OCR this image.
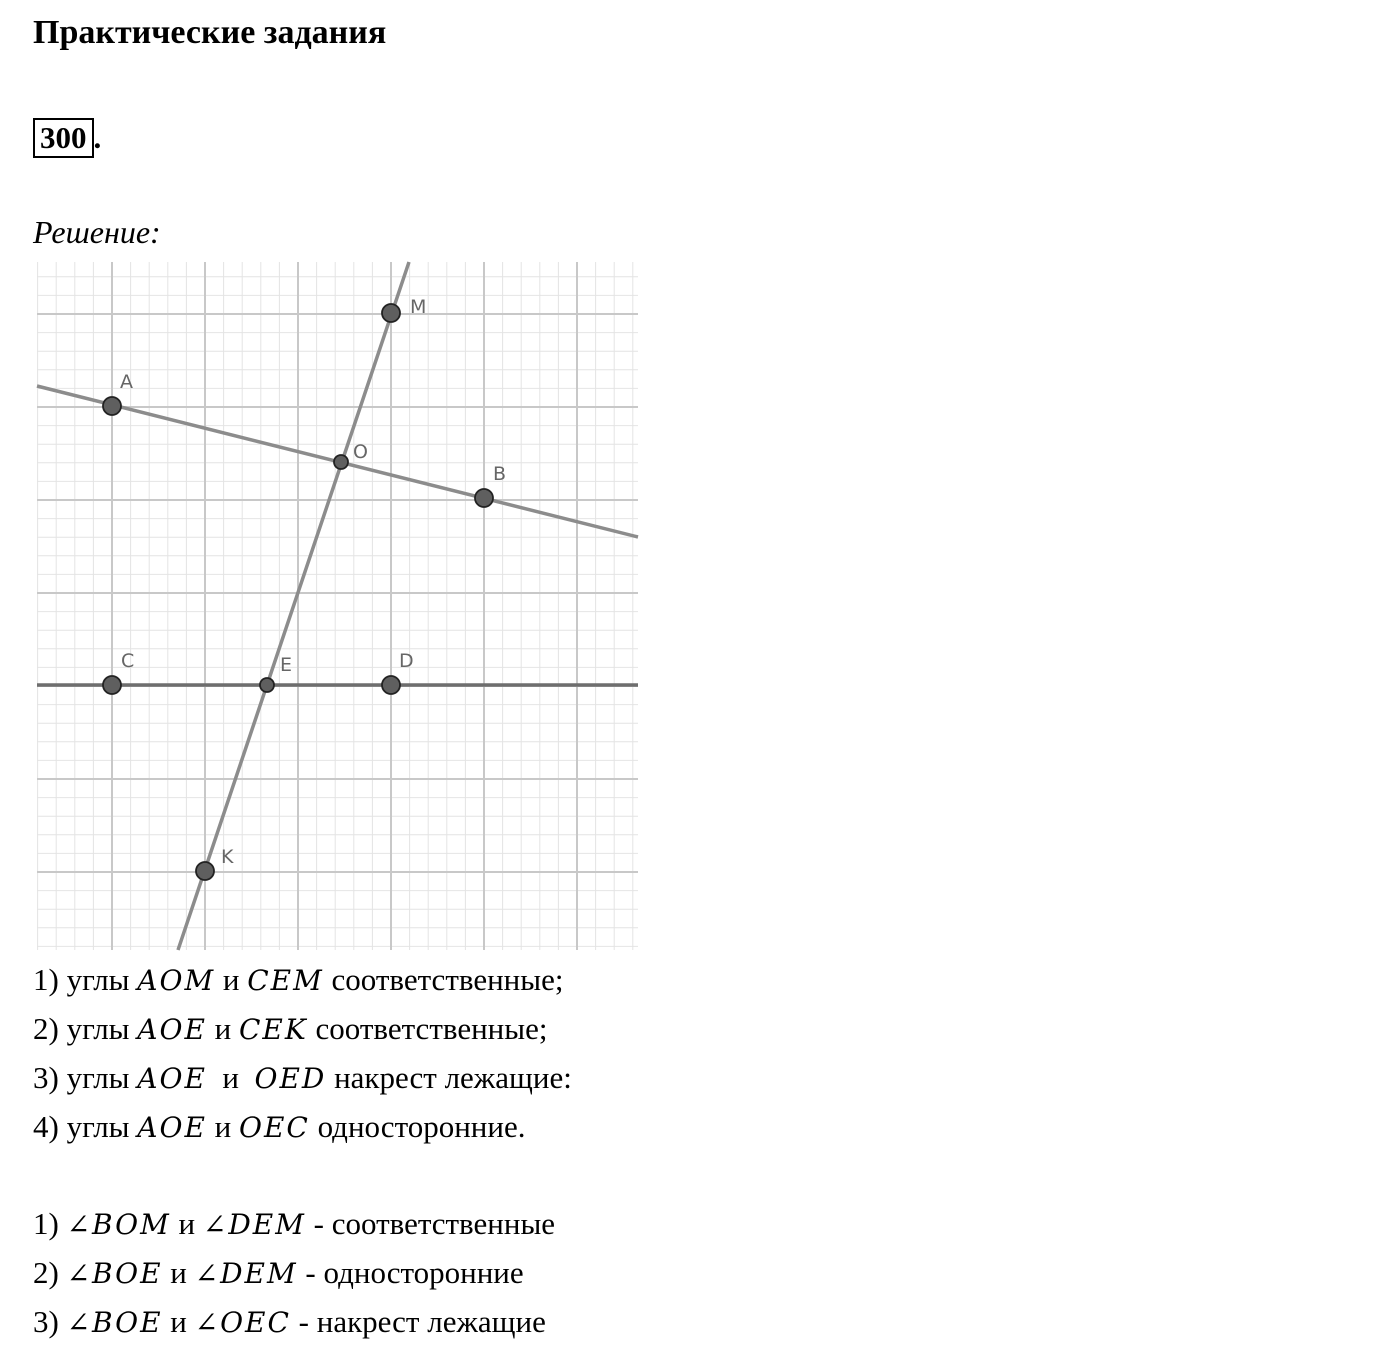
Практические задания
300 .
Решение:
A
B
C	D
E
O
M
K
1) углы AOM и CEM соответственные;
2) углы AOE и CEK соответственные;
3) углы AOE  и  OED накрест лежащие:
4) углы AOE и OEC односторонние.
1) ∠BOM и ∠DEM - соответственные
2) ∠BOE и ∠DEM - односторонние
3) ∠BOE и ∠OEC - накрест лежащие
